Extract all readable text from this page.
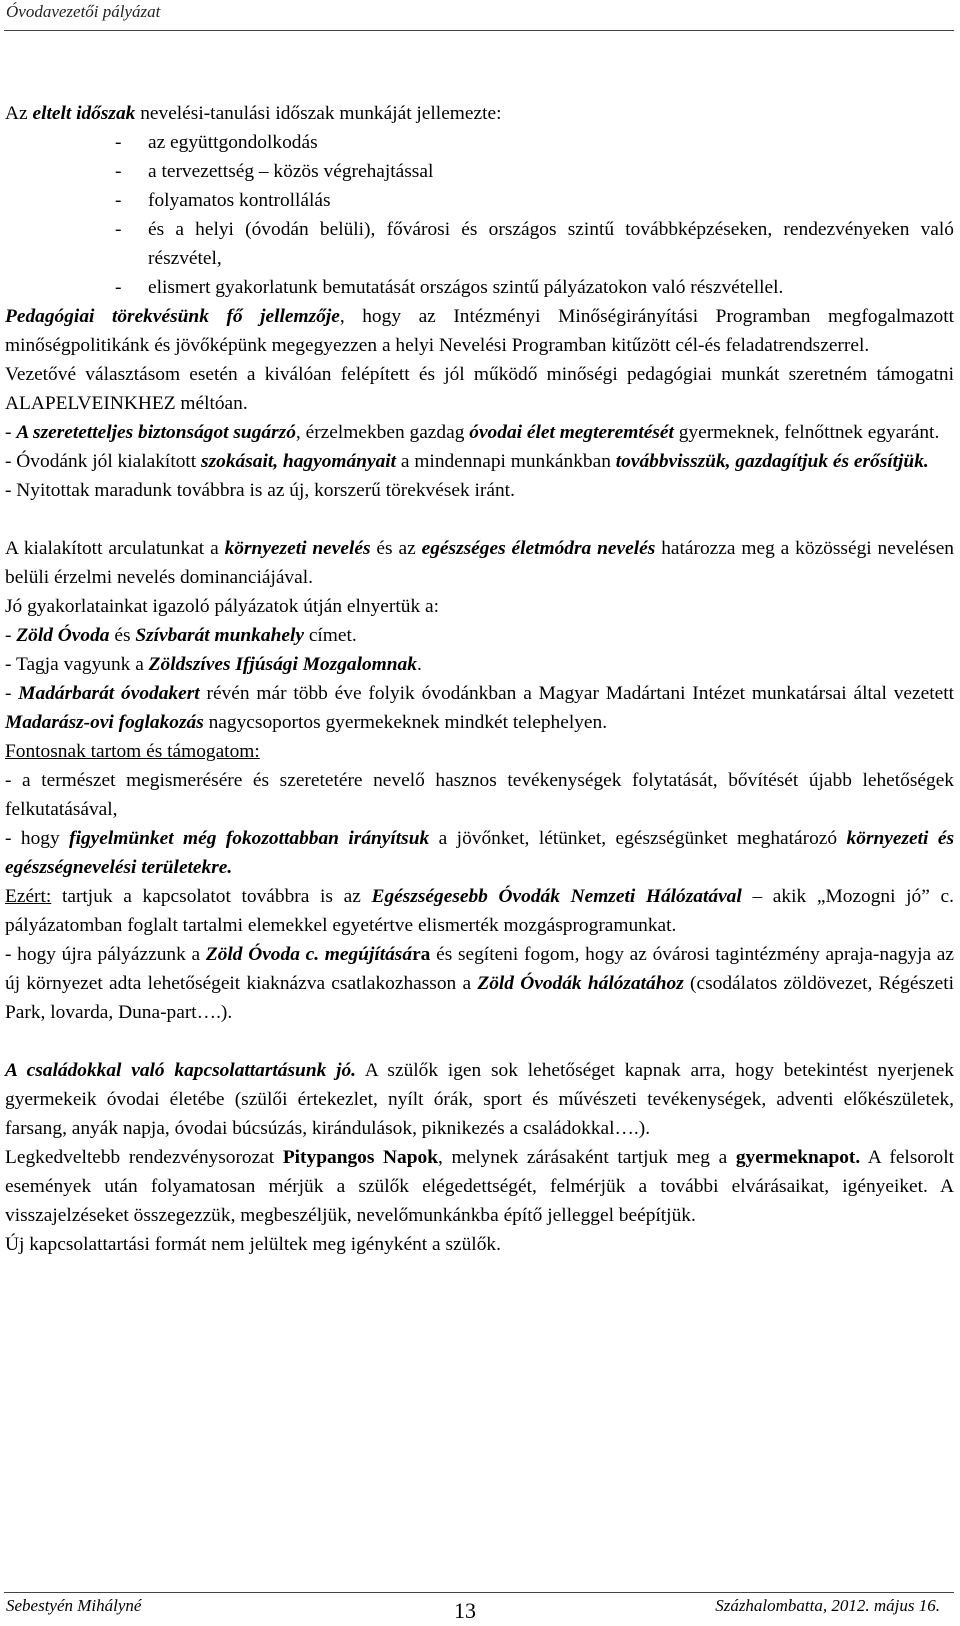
Óvodavezetői pályázat

Az eltelt időszak nevelési-tanulási időszak munkáját jellemezte:

- az együttgondolkodás
- a tervezettség – közös végrehajtással
- folyamatos kontrollálás
- és a helyi (óvodán belüli), fővárosi és országos szintű továbbképzéseken, rendezvényeken való részvétel,
- elismert gyakorlatunk bemutatását országos szintű pályázatokon való részvétellel.

Pedagógiai törekvésünk fő jellemzője, hogy az Intézményi Minőségirányítási Programban megfogalmazott minőségpolitikánk és jövőképünk megegyezzen a helyi Nevelési Programban kitűzött cél-és feladatrendszerrel.

Vezetővé választásom esetén a kiválóan felépített és jól működő minőségi pedagógiai munkát szeretném támogatni ALAPELVEINKHEZ méltóan.

- A szeretetteljes biztonságot sugárzó, érzelmekben gazdag óvodai élet megteremtését gyermeknek, felnőttnek egyaránt.

- Óvodánk jól kialakított szokásait, hagyományait a mindennapi munkánkban továbbvisszük, gazdagítjuk és erősítjük.

- Nyitottak maradunk továbbra is az új, korszerű törekvések iránt.

A kialakított arculatunkat a környezeti nevelés és az egészséges életmódra nevelés határozza meg a közösségi nevelésen belüli érzelmi nevelés dominanciájával.

Jó gyakorlatainkat igazoló pályázatok útján elnyertük a:

- Zöld Óvoda és Szívbarát munkahely címet.

- Tagja vagyunk a Zöldszíves Ifjúsági Mozgalomnak.

- Madárbarát óvodakert révén már több éve folyik óvodánkban a Magyar Madártani Intézet munkatársai által vezetett Madarász-ovi foglakozás nagycsoportos gyermekeknek mindkét telephelyen.

Fontosnak tartom és támogatom:

- a természet megismerésére és szeretetére nevelő hasznos tevékenységek folytatását, bővítését újabb lehetőségek felkutatásával,

- hogy figyelmünket még fokozottabban irányítsuk a jövőnket, létünket, egészségünket meghatározó környezeti és egészségnevelési területekre.

Ezért: tartjuk a kapcsolatot továbbra is az Egészségesebb Óvodák Nemzeti Hálózatával – akik „Mozogni jó” c. pályázatomban foglalt tartalmi elemekkel egyetértve elismerték mozgásprogramunkat.

- hogy újra pályázzunk a Zöld Óvoda c. megújítására és segíteni fogom, hogy az óvárosi tagintézmény apraja-nagyja az új környezet adta lehetőségeit kiaknázva csatlakozhasson a Zöld Óvodák hálózatához (csodálatos zöldövezet, Régészeti Park, lovarda, Duna-part….).

A családokkal való kapcsolattartásunk jó. A szülők igen sok lehetőséget kapnak arra, hogy betekintést nyerjenek gyermekeik óvodai életébe (szülői értekezlet, nyílt órák, sport és művészeti tevékenységek, adventi előkészületek, farsang, anyák napja, óvodai búcsúzás, kirándulások, piknikezés a családokkal….).

Legkedveltebb rendezvénysorozat Pitypangos Napok, melynek zárásaként tartjuk meg a gyermeknapot. A felsorolt események után folyamatosan mérjük a szülők elégedettségét, felmérjük a további elvárásaikat, igényeiket. A visszajelzéseket összegezzük, megbeszéljük, nevelőmunkánkba építő jelleggel beépítjük.

Új kapcsolattartási formát nem jelültek meg igényként a szülők.

Sebestyén Mihályné	13	Százhalombatta, 2012. május 16.
